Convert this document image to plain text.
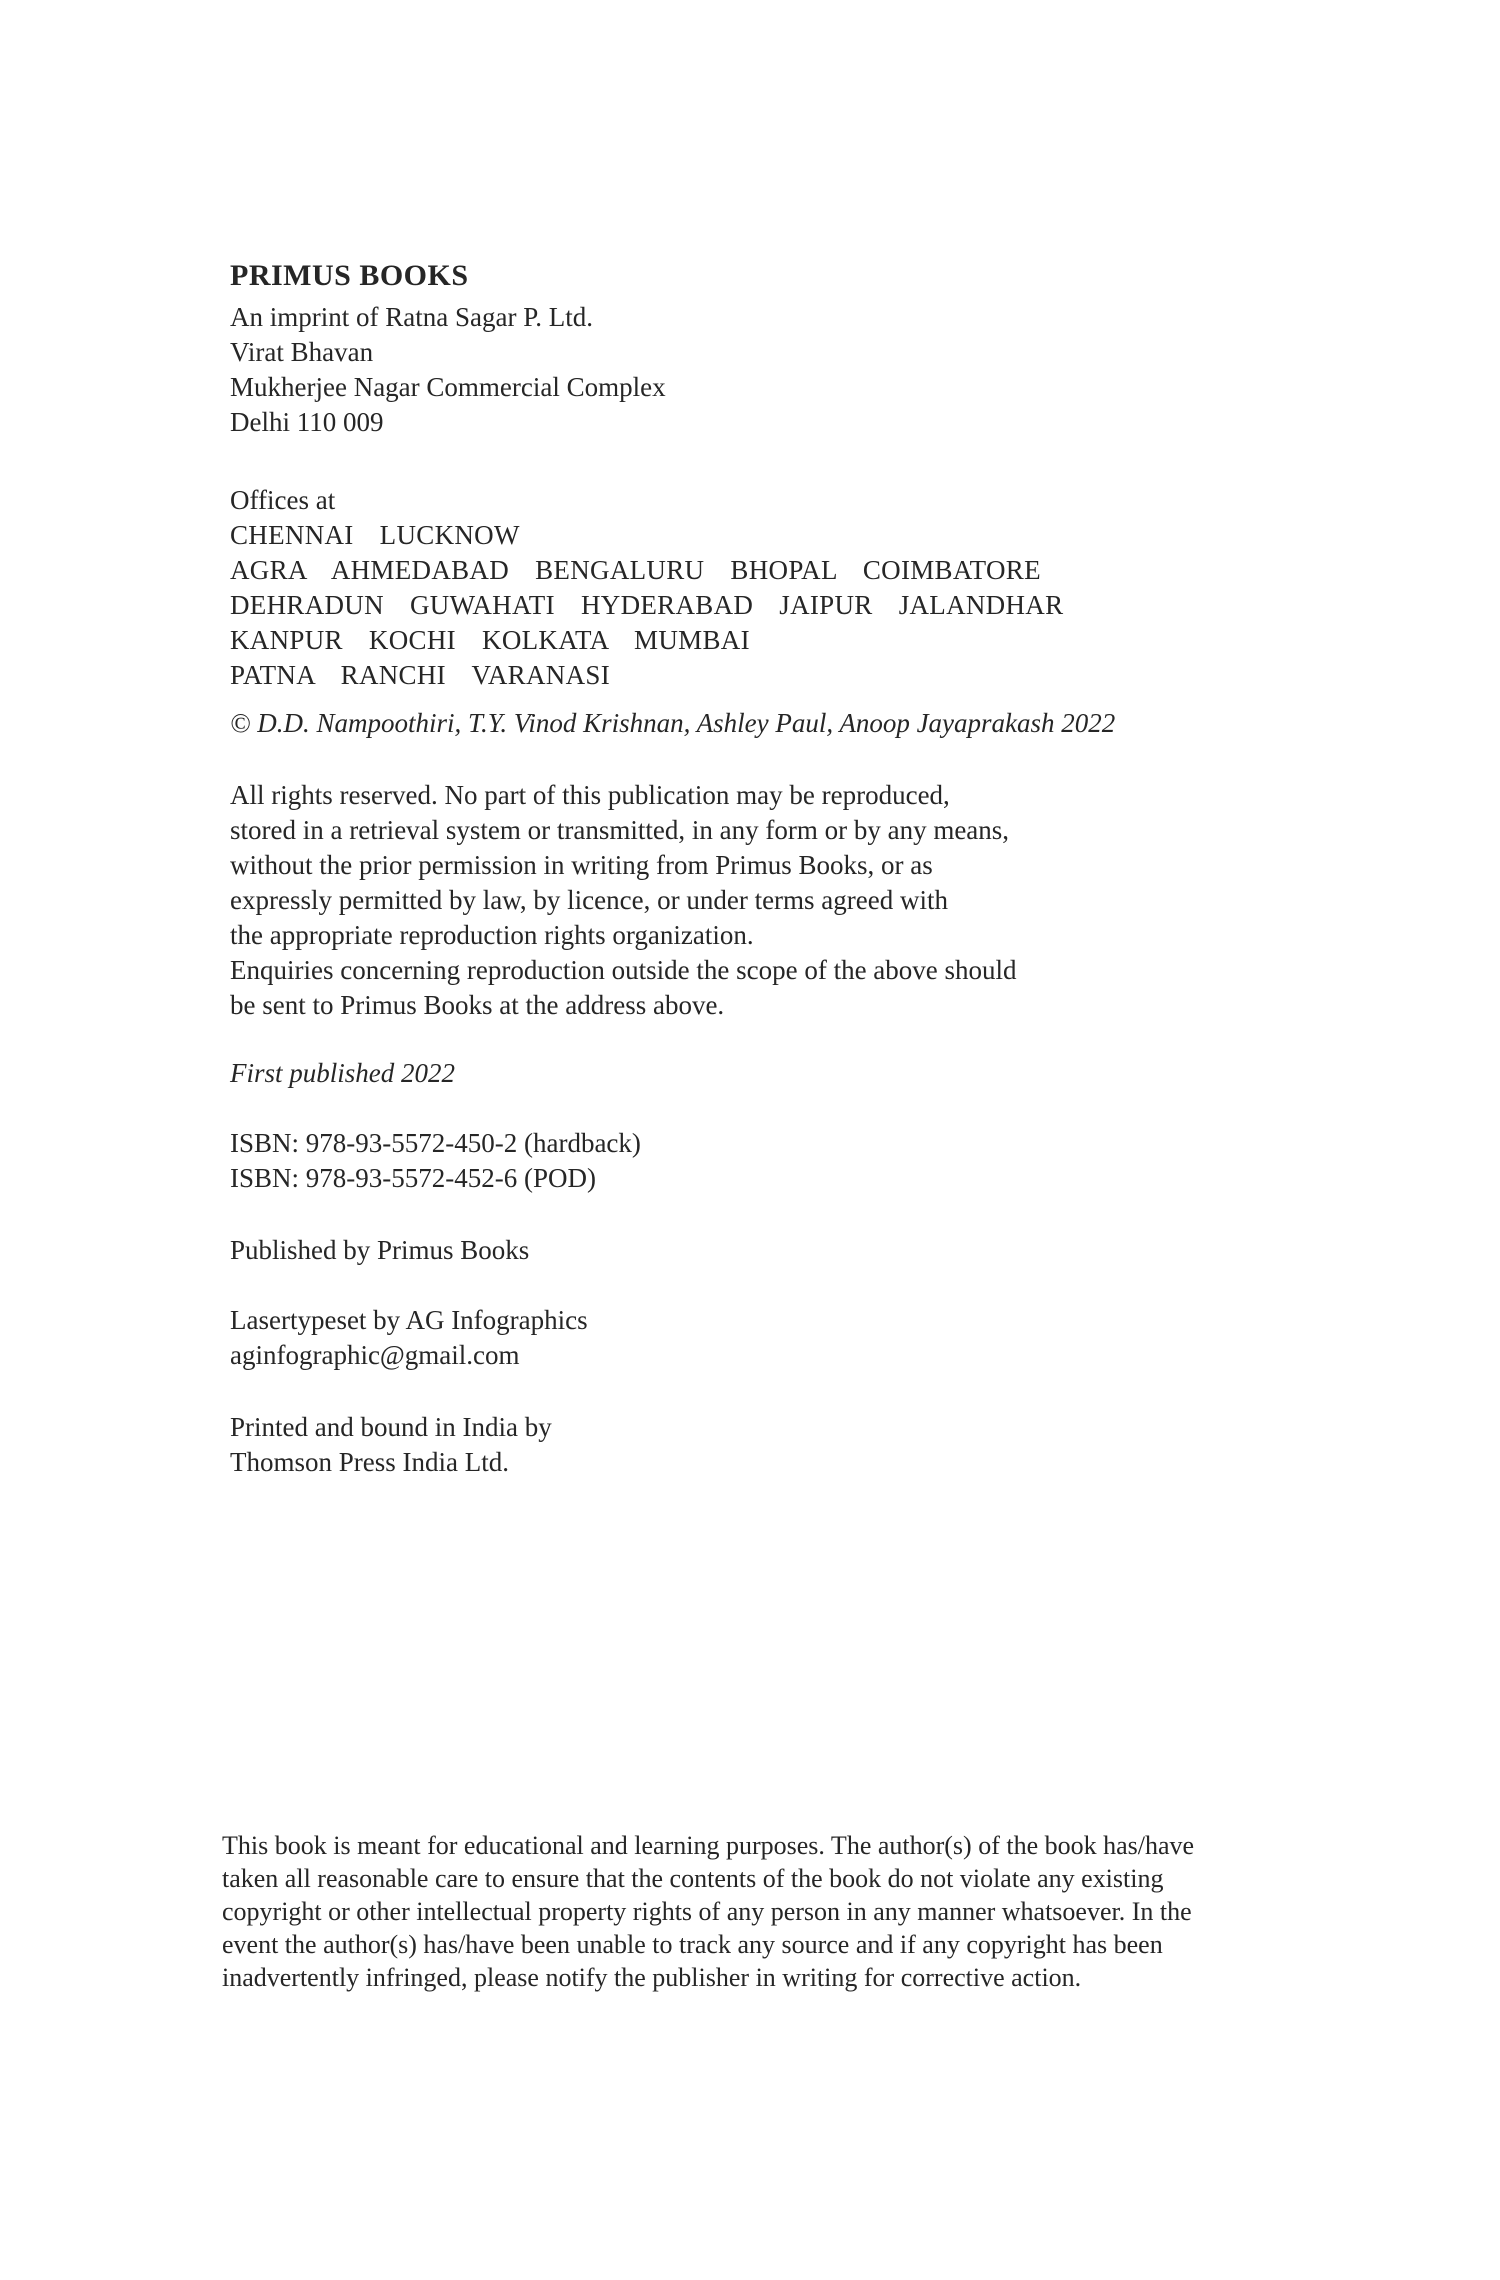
PRIMUS BOOKS
An imprint of Ratna Sagar P. Ltd.
Virat Bhavan
Mukherjee Nagar Commercial Complex
Delhi 110 009
Offices at
CHENNAI  LUCKNOW
AGRA  AHMEDABAD  BENGALURU  BHOPAL  COIMBATORE
DEHRADUN  GUWAHATI  HYDERABAD  JAIPUR  JALANDHAR
KANPUR  KOCHI  KOLKATA  MUMBAI
PATNA  RANCHI  VARANASI
© D.D. Nampoothiri, T.Y. Vinod Krishnan, Ashley Paul, Anoop Jayaprakash 2022
All rights reserved. No part of this publication may be reproduced,
stored in a retrieval system or transmitted, in any form or by any means,
without the prior permission in writing from Primus Books, or as
expressly permitted by law, by licence, or under terms agreed with
the appropriate reproduction rights organization.
Enquiries concerning reproduction outside the scope of the above should
be sent to Primus Books at the address above.
First published 2022
ISBN: 978-93-5572-450-2 (hardback)
ISBN: 978-93-5572-452-6 (POD)
Published by Primus Books
Lasertypeset by AG Infographics
aginfographic@gmail.com
Printed and bound in India by
Thomson Press India Ltd.
This book is meant for educational and learning purposes. The author(s) of the book has/have
taken all reasonable care to ensure that the contents of the book do not violate any existing
copyright or other intellectual property rights of any person in any manner whatsoever. In the
event the author(s) has/have been unable to track any source and if any copyright has been
inadvertently infringed, please notify the publisher in writing for corrective action.
